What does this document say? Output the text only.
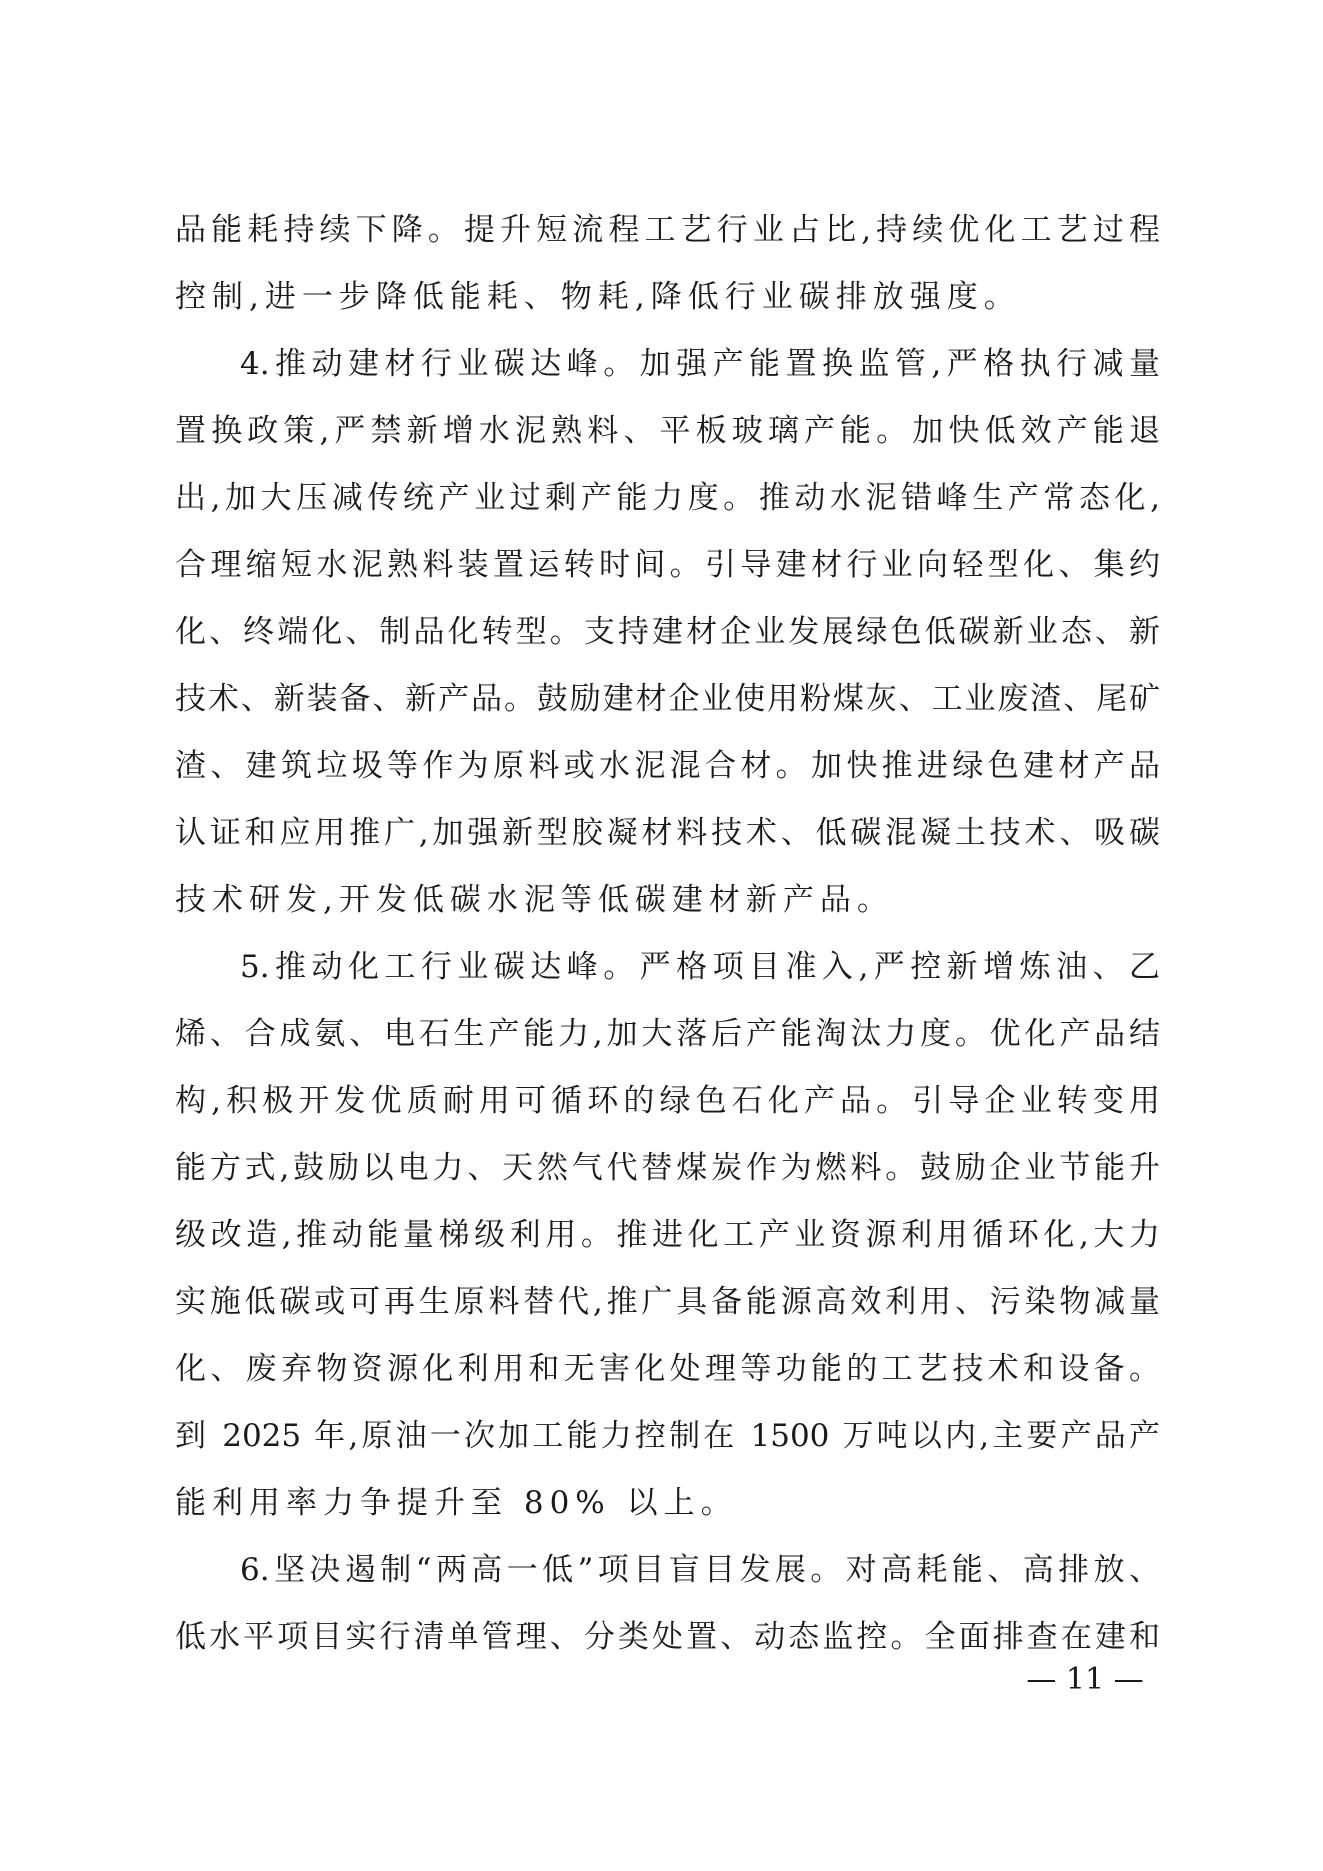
品能耗持续下降。提升短流程工艺行业占比,持续优化工艺过程
控制,进一步降低能耗、物耗,降低行业碳排放强度。
4.推动建材行业碳达峰。加强产能置换监管,严格执行减量
置换政策,严禁新增水泥熟料、平板玻璃产能。加快低效产能退
出,加大压减传统产业过剩产能力度。推动水泥错峰生产常态化,
合理缩短水泥熟料装置运转时间。引导建材行业向轻型化、集约
化、终端化、制品化转型。支持建材企业发展绿色低碳新业态、新
技术、新装备、新产品。鼓励建材企业使用粉煤灰、工业废渣、尾矿
渣、建筑垃圾等作为原料或水泥混合材。加快推进绿色建材产品
认证和应用推广,加强新型胶凝材料技术、低碳混凝土技术、吸碳
技术研发,开发低碳水泥等低碳建材新产品。
5.推动化工行业碳达峰。严格项目准入,严控新增炼油、乙
烯、合成氨、电石生产能力,加大落后产能淘汰力度。优化产品结
构,积极开发优质耐用可循环的绿色石化产品。引导企业转变用
能方式,鼓励以电力、天然气代替煤炭作为燃料。鼓励企业节能升
级改造,推动能量梯级利用。推进化工产业资源利用循环化,大力
实施低碳或可再生原料替代,推广具备能源高效利用、污染物减量
化、废弃物资源化利用和无害化处理等功能的工艺技术和设备。
到 2025 年,原油一次加工能力控制在 1500 万吨以内,主要产品产
能利用率力争提升至 80% 以上。
6.坚决遏制“两高一低”项目盲目发展。对高耗能、高排放、
低水平项目实行清单管理、分类处置、动态监控。全面排查在建和
— 11 —
